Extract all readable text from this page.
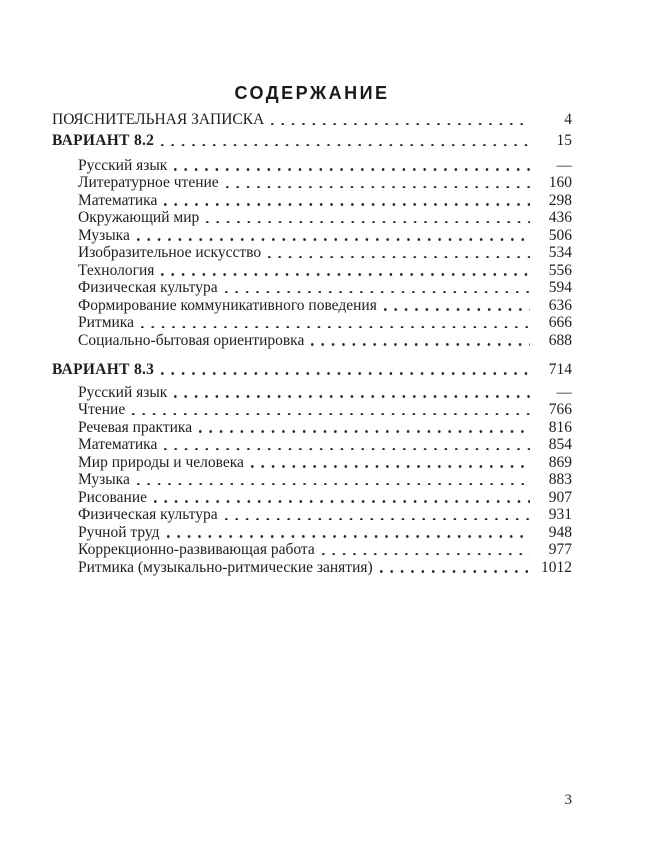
СОДЕРЖАНИЕ
ПОЯСНИТЕЛЬНАЯ ЗАПИСКА	4
ВАРИАНТ 8.2	15
Русский язык	—
Литературное чтение	160
Математика	298
Окружающий мир	436
Музыка	506
Изобразительное искусство	534
Технология	556
Физическая культура	594
Формирование коммуникативного поведения	636
Ритмика	666
Социально-бытовая ориентировка	688
ВАРИАНТ 8.3	714
Русский язык	—
Чтение	766
Речевая практика	816
Математика	854
Мир природы и человека	869
Музыка	883
Рисование	907
Физическая культура	931
Ручной труд	948
Коррекционно-развивающая работа	977
Ритмика (музыкально-ритмические занятия)	1012
3
